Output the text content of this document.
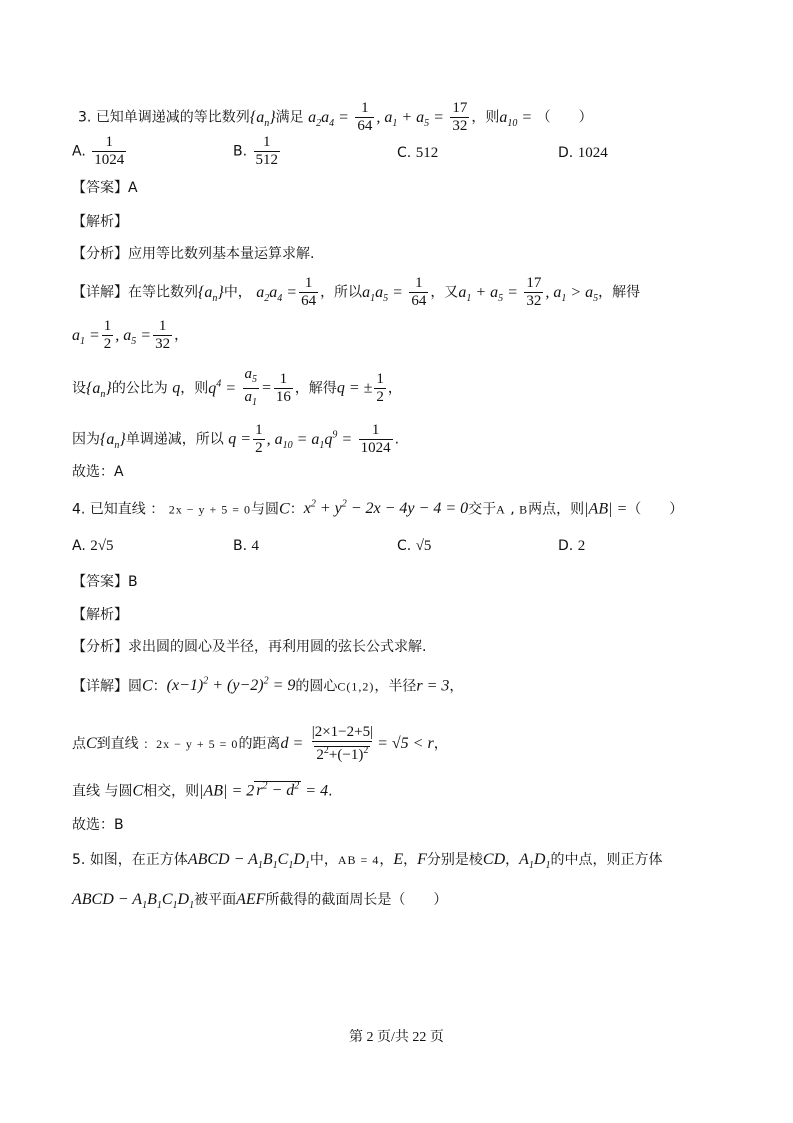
3. 已知单调递减的等比数列$\{a_n\}$满足 $a_2a_4 = \frac{1}{64}$ , $a_1 + a_5 = \frac{17}{32}$ ，则$a_{10}$ = （　　）
A. $\frac{1}{1024}$	B. $\frac{1}{512}$	C. 512	D. 1024
【答案】A
【解析】
【分析】应用等比数列基本量运算求解.
【详解】在等比数列$\{a_n\}$中， $a_2a_4 = \frac{1}{64}$ ，所以$a_1a_5 = \frac{1}{64}$ ，又$a_1 + a_5 = \frac{17}{32}$ , $a_1 > a_5$，解得
$a_1 = \frac{1}{2}$ , $a_5 = \frac{1}{32}$ ，
设$\{a_n\}$的公比为 q，则$q^4 = \frac{a_5}{a_1} = \frac{1}{16}$ ，解得q = ± $\frac{1}{2}$ ，
因为$\{a_n\}$单调递减，所以 $q = \frac{1}{2}$ , $a_{10} = a_1q^9 = \frac{1}{1024}$ .
故选：A
4. 已知直线 ： 2x − y + 5 = 0与圆C：$x^2 + y^2 - 2x - 4y - 4 = 0$交于A , B两点，则|AB| =（　　）
A. 2√5	B. 4	C. √5	D. 2
【答案】B
【解析】
【分析】求出圆的圆心及半径，再利用圆的弦长公式求解.
【详解】圆C：$(x-1)^2 + (y-2)^2 = 9$的圆心C(1,2)，半径r = 3，
点C到直线 ：2x − y + 5 = 0的距离$d = \frac{|2\times 1-2+5|}{2^2+(-1)^2} = √5 < r$，
直线 与圆C相交，则|AB| = 2 $r^2 - d^2 = 4$.
故选：B
5. 如图，在正方体ABCD − $A_1B_1C_1D_1$中，AB = 4，E，F分别是棱CD，$A_1D_1$的中点，则正方体
ABCD − $A_1B_1C_1D_1$被平面AEF所截得的截面周长是（　　）
第 2 页/共 22 页
